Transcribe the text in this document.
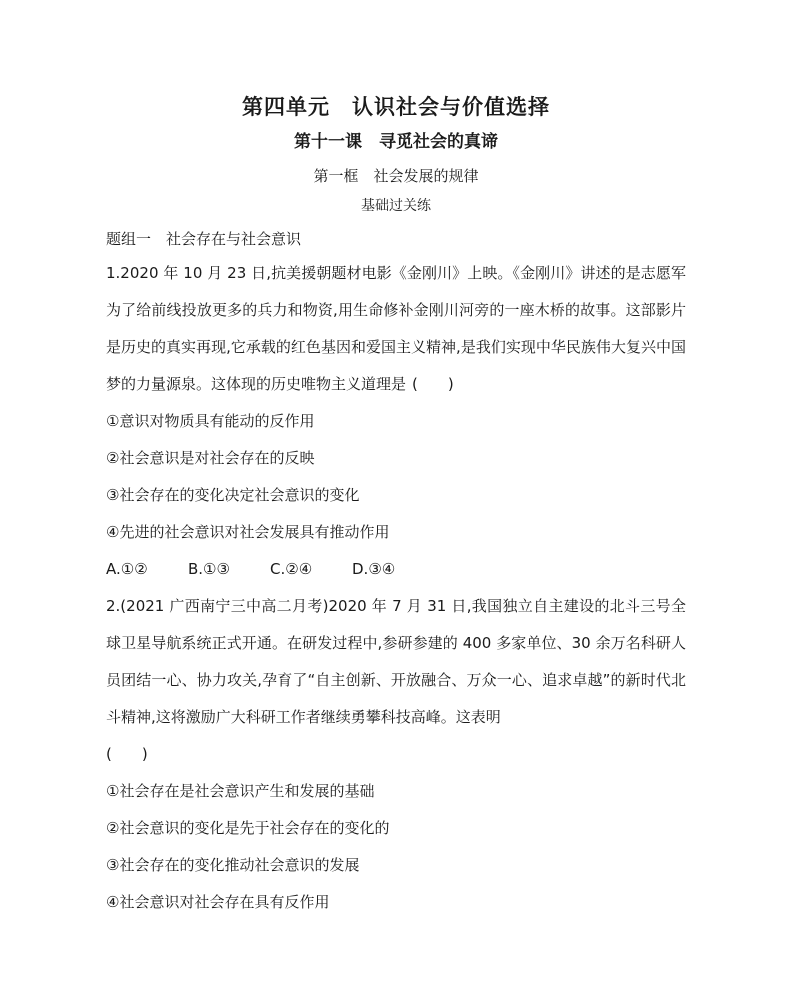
第四单元　认识社会与价值选择
第十一课　寻觅社会的真谛
第一框　社会发展的规律
基础过关练
题组一　社会存在与社会意识

1.2020 年 10 月 23 日,抗美援朝题材电影《金刚川》上映。《金刚川》讲述的是志愿军为了给前线投放更多的兵力和物资,用生命修补金刚川河旁的一座木桥的故事。这部影片是历史的真实再现,它承载的红色基因和爱国主义精神,是我们实现中华民族伟大复兴中国梦的力量源泉。这体现的历史唯物主义道理是 (　　)

①意识对物质具有能动的反作用

②社会意识是对社会存在的反映

③社会存在的变化决定社会意识的变化

④先进的社会意识对社会发展具有推动作用

A.①②	B.①③	C.②④	D.③④

2.(2021 广西南宁三中高二月考)2020 年 7 月 31 日,我国独立自主建设的北斗三号全球卫星导航系统正式开通。在研发过程中,参研参建的 400 多家单位、30 余万名科研人员团结一心、协力攻关,孕育了“自主创新、开放融合、万众一心、追求卓越”的新时代北斗精神,这将激励广大科研工作者继续勇攀科技高峰。这表明

(　　)

①社会存在是社会意识产生和发展的基础

②社会意识的变化是先于社会存在的变化的

③社会存在的变化推动社会意识的发展

④社会意识对社会存在具有反作用
